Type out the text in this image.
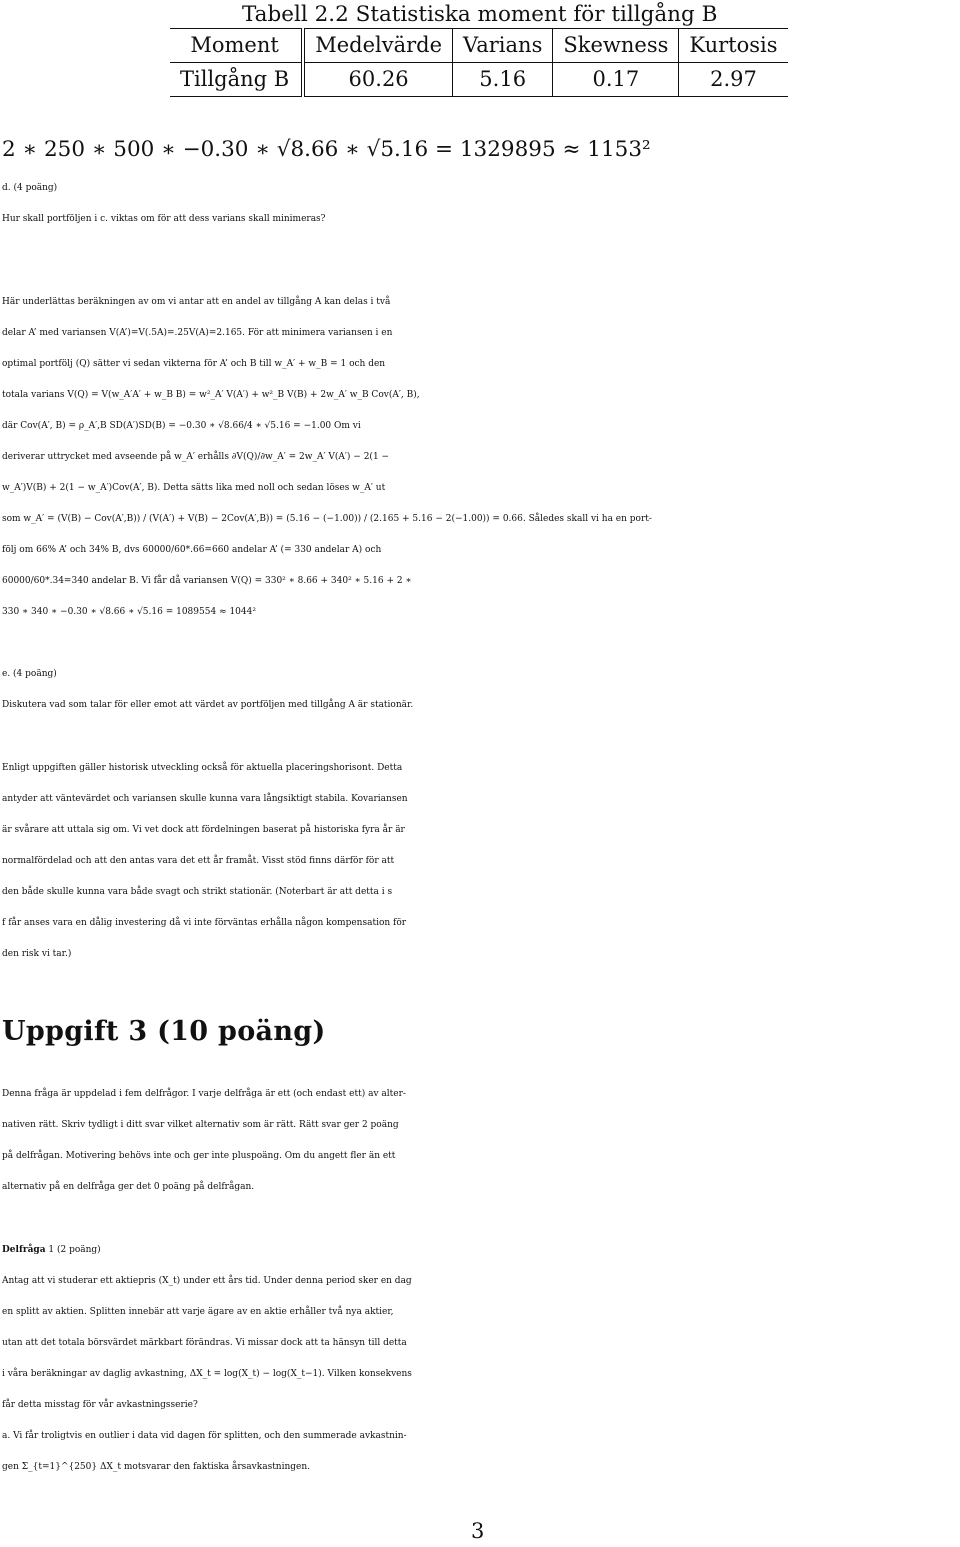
Tabell 2.2 Statistiska moment för tillgång B
Moment	Medelvärde	Varians	Skewness	Kurtosis
Tillgång B	60.26	5.16	0.17	2.97
2 ∗ 250 ∗ 500 ∗ −0.30 ∗ √8.66 ∗ √5.16 = 1329895 ≈ 1153²
d. (4 poäng)
Hur skall portföljen i c. viktas om för att dess varians skall minimeras?
Här underlättas beräkningen av om vi antar att en andel av tillgång A kan delas i två
delar A’ med variansen V(A’)=V(.5A)=.25V(A)=2.165. För att minimera variansen i en
optimal portfölj (Q) sätter vi sedan vikterna för A’ och B till w_A′ + w_B = 1 och den
totala varians V(Q) = V(w_A′A′ + w_B B) = w²_A′ V(A′) + w²_B V(B) + 2w_A′ w_B Cov(A′, B),
där Cov(A′, B) = ρ_A′,B SD(A′)SD(B) = −0.30 ∗ √8.66/4 ∗ √5.16 = −1.00 Om vi
deriverar uttrycket med avseende på w_A′ erhålls ∂V(Q)/∂w_A′ = 2w_A′ V(A′) − 2(1 −
w_A′)V(B) + 2(1 − w_A′)Cov(A′, B). Detta sätts lika med noll och sedan löses w_A′ ut
som w_A′ = (V(B) − Cov(A′,B)) / (V(A′) + V(B) − 2Cov(A′,B)) = (5.16 − (−1.00)) / (2.165 + 5.16 − 2(−1.00)) = 0.66. Således skall vi ha en port-
följ om 66% A’ och 34% B, dvs 60000/60*.66=660 andelar A’ (= 330 andelar A) och
60000/60*.34=340 andelar B. Vi får då variansen V(Q) = 330² ∗ 8.66 + 340² ∗ 5.16 + 2 ∗
330 ∗ 340 ∗ −0.30 ∗ √8.66 ∗ √5.16 = 1089554 ≈ 1044²
e. (4 poäng)
Diskutera vad som talar för eller emot att värdet av portföljen med tillgång A är stationär.
Enligt uppgiften gäller historisk utveckling också för aktuella placeringshorisont. Detta
antyder att väntevärdet och variansen skulle kunna vara långsiktigt stabila. Kovariansen
är svårare att uttala sig om. Vi vet dock att fördelningen baserat på historiska fyra år är
normalfördelad och att den antas vara det ett år framåt. Visst stöd finns därför för att
den både skulle kunna vara både svagt och strikt stationär. (Noterbart är att detta i s
f får anses vara en dålig investering då vi inte förväntas erhålla någon kompensation för
den risk vi tar.)
Uppgift 3 (10 poäng)
Denna fråga är uppdelad i fem delfrågor. I varje delfråga är ett (och endast ett) av alter-
nativen rätt. Skriv tydligt i ditt svar vilket alternativ som är rätt. Rätt svar ger 2 poäng
på delfrågan. Motivering behövs inte och ger inte pluspoäng. Om du angett fler än ett
alternativ på en delfråga ger det 0 poäng på delfrågan.
Delfråga 1 (2 poäng)
Antag att vi studerar ett aktiepris (X_t) under ett års tid. Under denna period sker en dag
en splitt av aktien. Splitten innebär att varje ägare av en aktie erhåller två nya aktier,
utan att det totala börsvärdet märkbart förändras. Vi missar dock att ta hänsyn till detta
i våra beräkningar av daglig avkastning, ΔX_t = log(X_t) − log(X_t−1). Vilken konsekvens
får detta misstag för vår avkastningsserie?
a. Vi får troligtvis en outlier i data vid dagen för splitten, och den summerade avkastnin-
gen Σ_{t=1}^{250} ΔX_t motsvarar den faktiska årsavkastningen.
3
